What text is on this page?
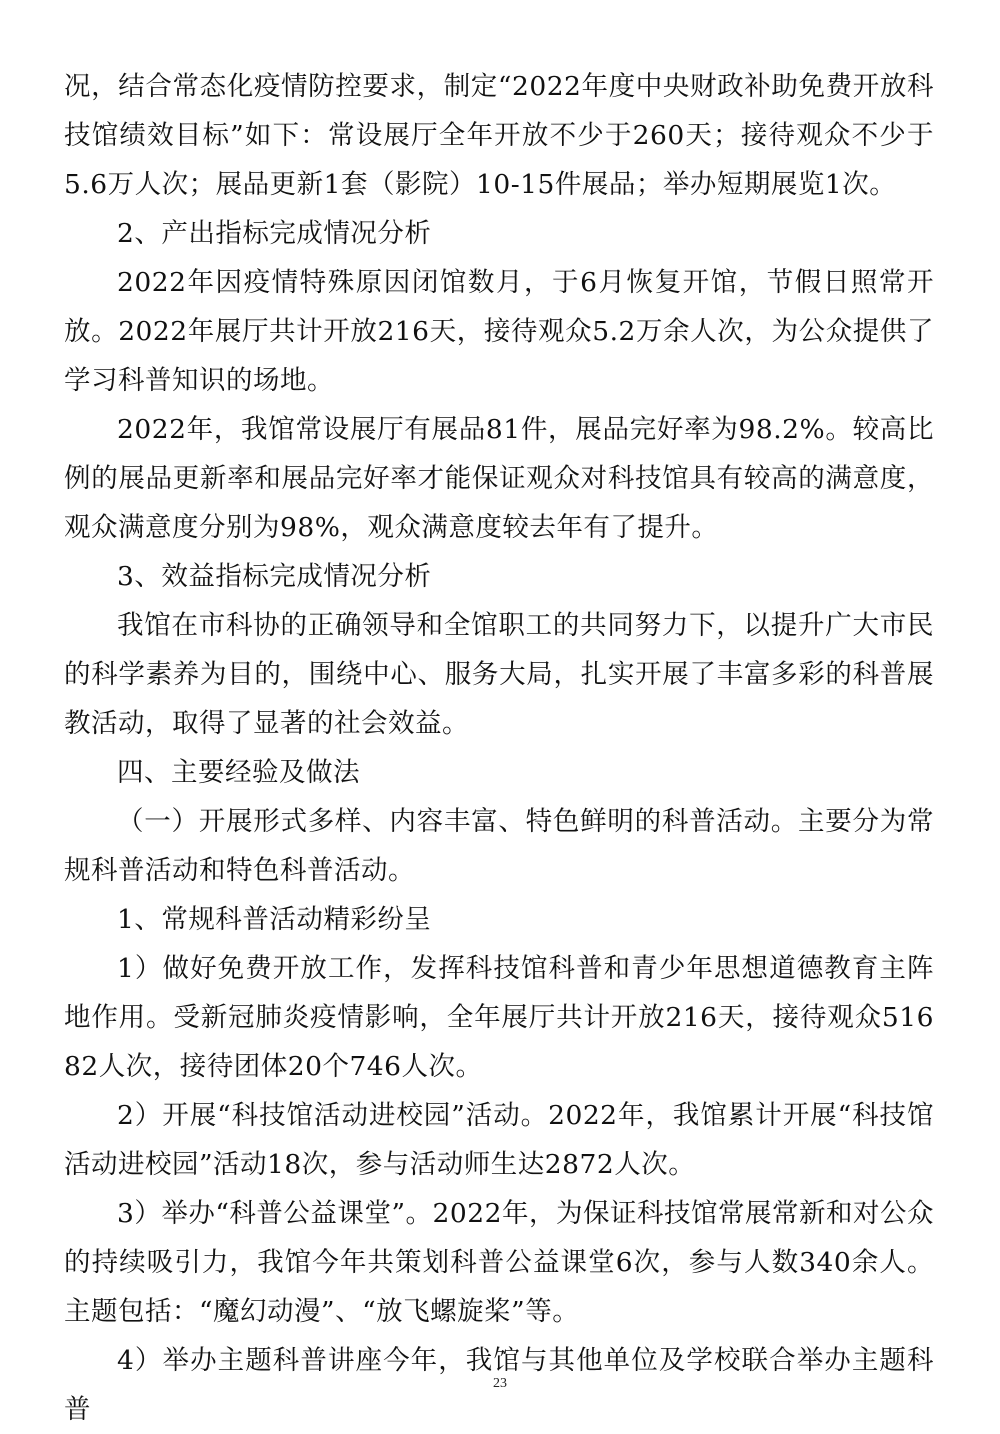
况，结合常态化疫情防控要求，制定“2022年度中央财政补助免费开放科技馆绩效目标”如下：常设展厅全年开放不少于260天；接待观众不少于5.6万人次；展品更新1套（影院）10-15件展品；举办短期展览1次。

2、产出指标完成情况分析

2022年因疫情特殊原因闭馆数月，于6月恢复开馆，节假日照常开放。2022年展厅共计开放216天，接待观众5.2万余人次，为公众提供了学习科普知识的场地。

2022年，我馆常设展厅有展品81件，展品完好率为98.2%。较高比例的展品更新率和展品完好率才能保证观众对科技馆具有较高的满意度，观众满意度分别为98%，观众满意度较去年有了提升。

3、效益指标完成情况分析

我馆在市科协的正确领导和全馆职工的共同努力下，以提升广大市民的科学素养为目的，围绕中心、服务大局，扎实开展了丰富多彩的科普展教活动，取得了显著的社会效益。

四、主要经验及做法

（一）开展形式多样、内容丰富、特色鲜明的科普活动。主要分为常规科普活动和特色科普活动。

1、常规科普活动精彩纷呈

1）做好免费开放工作，发挥科技馆科普和青少年思想道德教育主阵地作用。受新冠肺炎疫情影响，全年展厅共计开放216天，接待观众51682人次，接待团体20个746人次。

2）开展“科技馆活动进校园”活动。2022年，我馆累计开展“科技馆活动进校园”活动18次，参与活动师生达2872人次。

3）举办“科普公益课堂”。2022年，为保证科技馆常展常新和对公众的持续吸引力，我馆今年共策划科普公益课堂6次，参与人数340余人。主题包括：“魔幻动漫”、“放飞螺旋桨”等。

4）举办主题科普讲座今年，我馆与其他单位及学校联合举办主题科普

23
